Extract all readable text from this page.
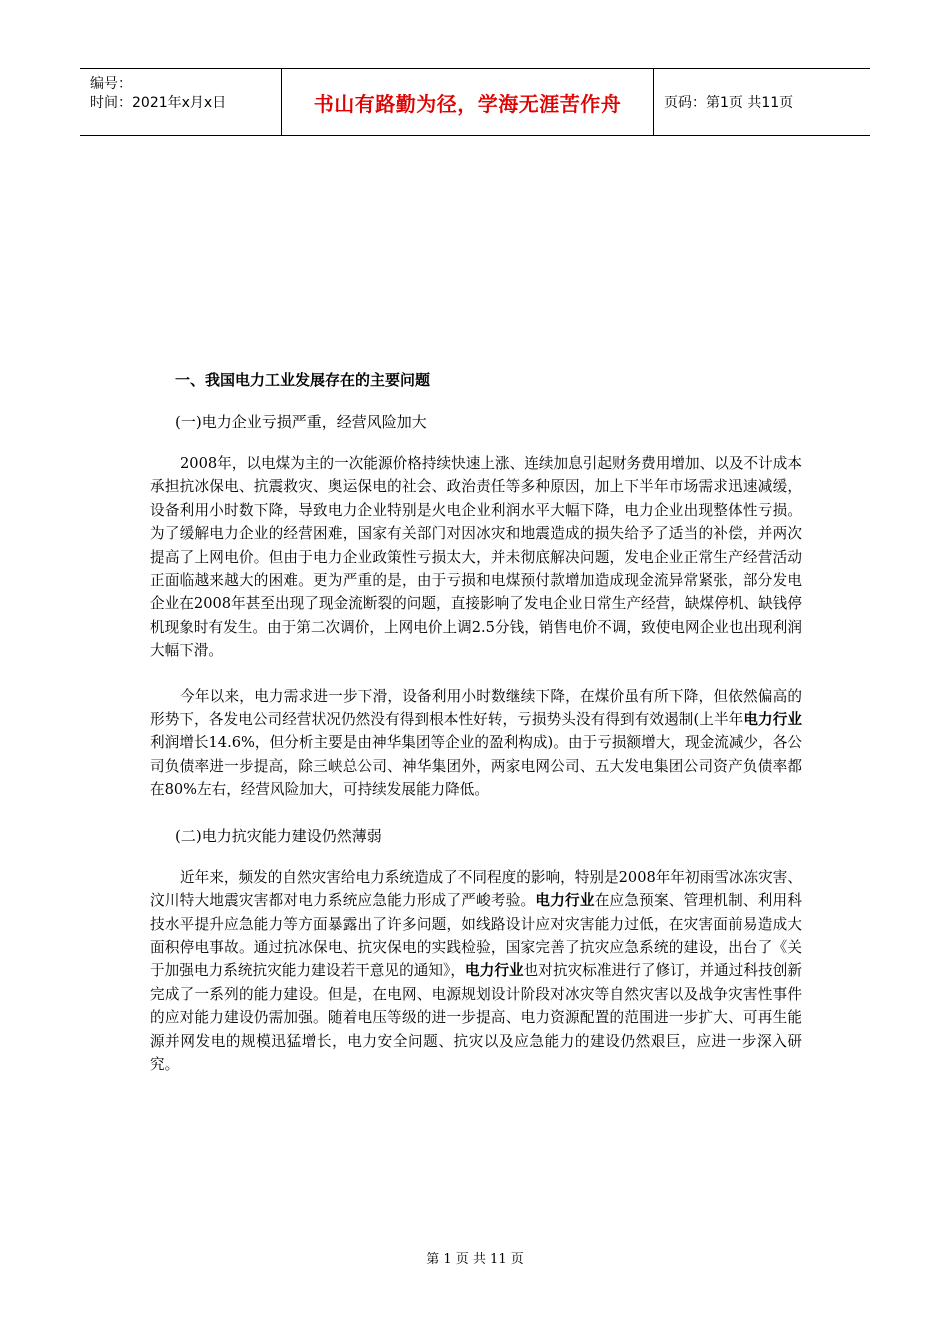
编号：
时间：2021年x月x日	书山有路勤为径，学海无涯苦作舟	页码：第1页 共11页
一、我国电力工业发展存在的主要问题
(一)电力企业亏损严重，经营风险加大

2008年，以电煤为主的一次能源价格持续快速上涨、连续加息引起财务费用增加、以及不计成本承担抗冰保电、抗震救灾、奥运保电的社会、政治责任等多种原因，加上下半年市场需求迅速减缓，设备利用小时数下降，导致电力企业特别是火电企业利润水平大幅下降，电力企业出现整体性亏损。为了缓解电力企业的经营困难，国家有关部门对因冰灾和地震造成的损失给予了适当的补偿，并两次提高了上网电价。但由于电力企业政策性亏损太大，并未彻底解决问题，发电企业正常生产经营活动正面临越来越大的困难。更为严重的是，由于亏损和电煤预付款增加造成现金流异常紧张，部分发电企业在2008年甚至出现了现金流断裂的问题，直接影响了发电企业日常生产经营，缺煤停机、缺钱停机现象时有发生。由于第二次调价，上网电价上调2.5分钱，销售电价不调，致使电网企业也出现利润大幅下滑。

今年以来，电力需求进一步下滑，设备利用小时数继续下降，在煤价虽有所下降，但依然偏高的形势下，各发电公司经营状况仍然没有得到根本性好转，亏损势头没有得到有效遏制(上半年电力行业利润增长14.6%，但分析主要是由神华集团等企业的盈利构成)。由于亏损额增大，现金流减少，各公司负债率进一步提高，除三峡总公司、神华集团外，两家电网公司、五大发电集团公司资产负债率都在80%左右，经营风险加大，可持续发展能力降低。

(二)电力抗灾能力建设仍然薄弱

近年来，频发的自然灾害给电力系统造成了不同程度的影响，特别是2008年年初雨雪冰冻灾害、汶川特大地震灾害都对电力系统应急能力形成了严峻考验。电力行业在应急预案、管理机制、利用科技水平提升应急能力等方面暴露出了许多问题，如线路设计应对灾害能力过低，在灾害面前易造成大面积停电事故。通过抗冰保电、抗灾保电的实践检验，国家完善了抗灾应急系统的建设，出台了《关于加强电力系统抗灾能力建设若干意见的通知》，电力行业也对抗灾标准进行了修订，并通过科技创新完成了一系列的能力建设。但是，在电网、电源规划设计阶段对冰灾等自然灾害以及战争灾害性事件的应对能力建设仍需加强。随着电压等级的进一步提高、电力资源配置的范围进一步扩大、可再生能源并网发电的规模迅猛增长，电力安全问题、抗灾以及应急能力的建设仍然艰巨，应进一步深入研究。

第 1 页 共 11 页
